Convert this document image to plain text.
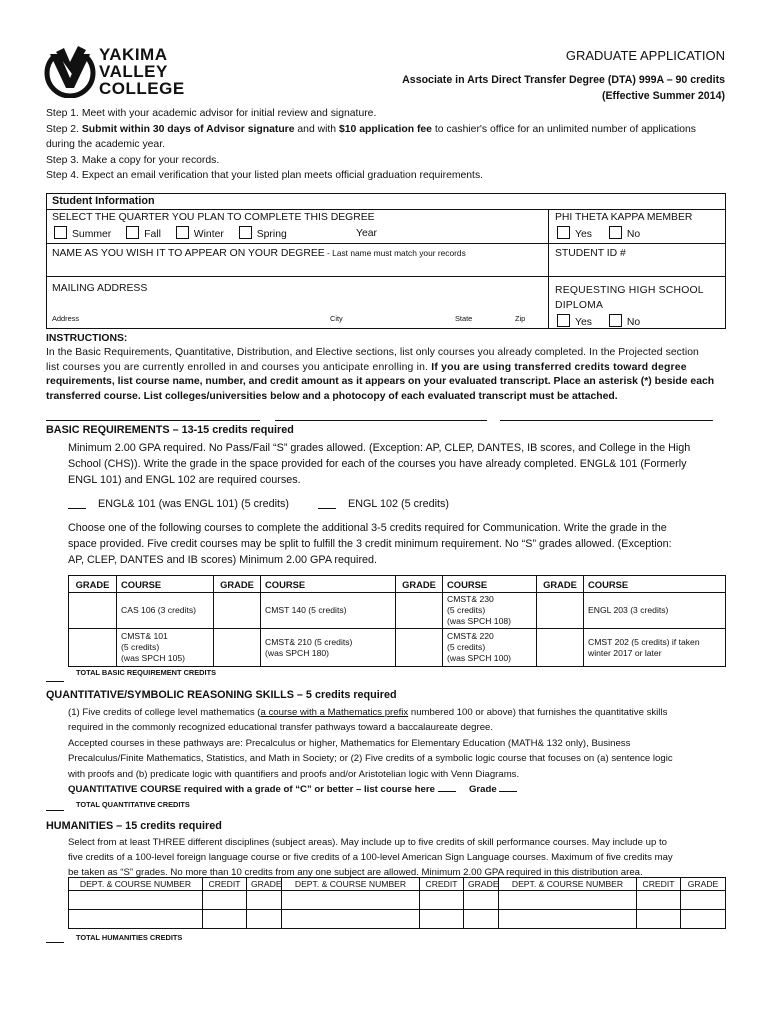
YAKIMA
VALLEY
COLLEGE
GRADUATE APPLICATION
Associate in Arts Direct Transfer Degree (DTA) 999A – 90 credits
(Effective Summer 2014)
Step 1. Meet with your academic advisor for initial review and signature.
Step 2. Submit within 30 days of Advisor signature and with $10 application fee to cashier's office for an unlimited number of applications
during the academic year.
Step 3. Make a copy for your records.
Step 4. Expect an email verification that your listed plan meets official graduation requirements.
Student Information
SELECT THE QUARTER YOU PLAN TO COMPLETE THIS DEGREE
Summer	Fall	Winter	Spring	Year
PHI THETA KAPPA MEMBER
Yes	No
NAME AS YOU WISH IT TO APPEAR ON YOUR DEGREE - Last name must match your records	STUDENT ID #
MAILING ADDRESS
Address	City	State	Zip
REQUESTING HIGH SCHOOL
DIPLOMA
Yes	No
INSTRUCTIONS:
In the Basic Requirements, Quantitative, Distribution, and Elective sections, list only courses you already completed. In the Projected section
list courses you are currently enrolled in and courses you anticipate enrolling in. If you are using transferred credits toward degree
requirements, list course name, number, and credit amount as it appears on your evaluated transcript. Place an asterisk (*) beside each
transferred course. List colleges/universities below and a photocopy of each evaluated transcript must be attached.
BASIC REQUIREMENTS – 13-15 credits required
Minimum 2.00 GPA required. No Pass/Fail “S” grades allowed. (Exception: AP, CLEP, DANTES, IB scores, and College in the High
School (CHS)). Write the grade in the space provided for each of the courses you have already completed. ENGL& 101 (Formerly
ENGL 101) and ENGL 102 are required courses.
ENGL& 101 (was ENGL 101) (5 credits)	ENGL 102 (5 credits)
Choose one of the following courses to complete the additional 3-5 credits required for Communication. Write the grade in the
space provided. Five credit courses may be split to fulfill the 3 credit minimum requirement. No “S” grades allowed. (Exception:
AP, CLEP, DANTES and IB scores) Minimum 2.00 GPA required.
GRADE	COURSE	GRADE	COURSE	GRADE	COURSE	GRADE	COURSE
	CAS 106 (3 credits)		CMST 140 (5 credits)		CMST& 230
(5 credits)
(was SPCH 108)		ENGL 203 (3 credits)
	CMST& 101
(5 credits)
(was SPCH 105)		CMST& 210 (5 credits)
(was SPCH 180)		CMST& 220
(5 credits)
(was SPCH 100)		CMST 202 (5 credits) if taken
winter 2017 or later
TOTAL BASIC REQUIREMENT CREDITS
QUANTITATIVE/SYMBOLIC REASONING SKILLS – 5 credits required
(1) Five credits of college level mathematics (a course with a Mathematics prefix numbered 100 or above) that furnishes the quantitative skills
required in the commonly recognized educational transfer pathways toward a baccalaureate degree.
Accepted courses in these pathways are: Precalculus or higher, Mathematics for Elementary Education (MATH& 132 only), Business
Precalculus/Finite Mathematics, Statistics, and Math in Society; or (2) Five credits of a symbolic logic course that focuses on (a) sentence logic
with proofs and (b) predicate logic with quantifiers and proofs and/or Aristotelian logic with Venn Diagrams.
QUANTITATIVE COURSE required with a grade of “C” or better – list course here	Grade
TOTAL QUANTITATIVE CREDITS
HUMANITIES – 15 credits required
Select from at least THREE different disciplines (subject areas). May include up to five credits of skill performance courses. May include up to
five credits of a 100-level foreign language course or five credits of a 100-level American Sign Language courses. Maximum of five credits may
be taken as “S” grades. No more than 10 credits from any one subject are allowed. Minimum 2.00 GPA required in this distribution area.
DEPT. & COURSE NUMBER	CREDIT	GRADE	DEPT. & COURSE NUMBER	CREDIT	GRADE	DEPT. & COURSE NUMBER	CREDIT	GRADE

TOTAL HUMANITIES CREDITS
